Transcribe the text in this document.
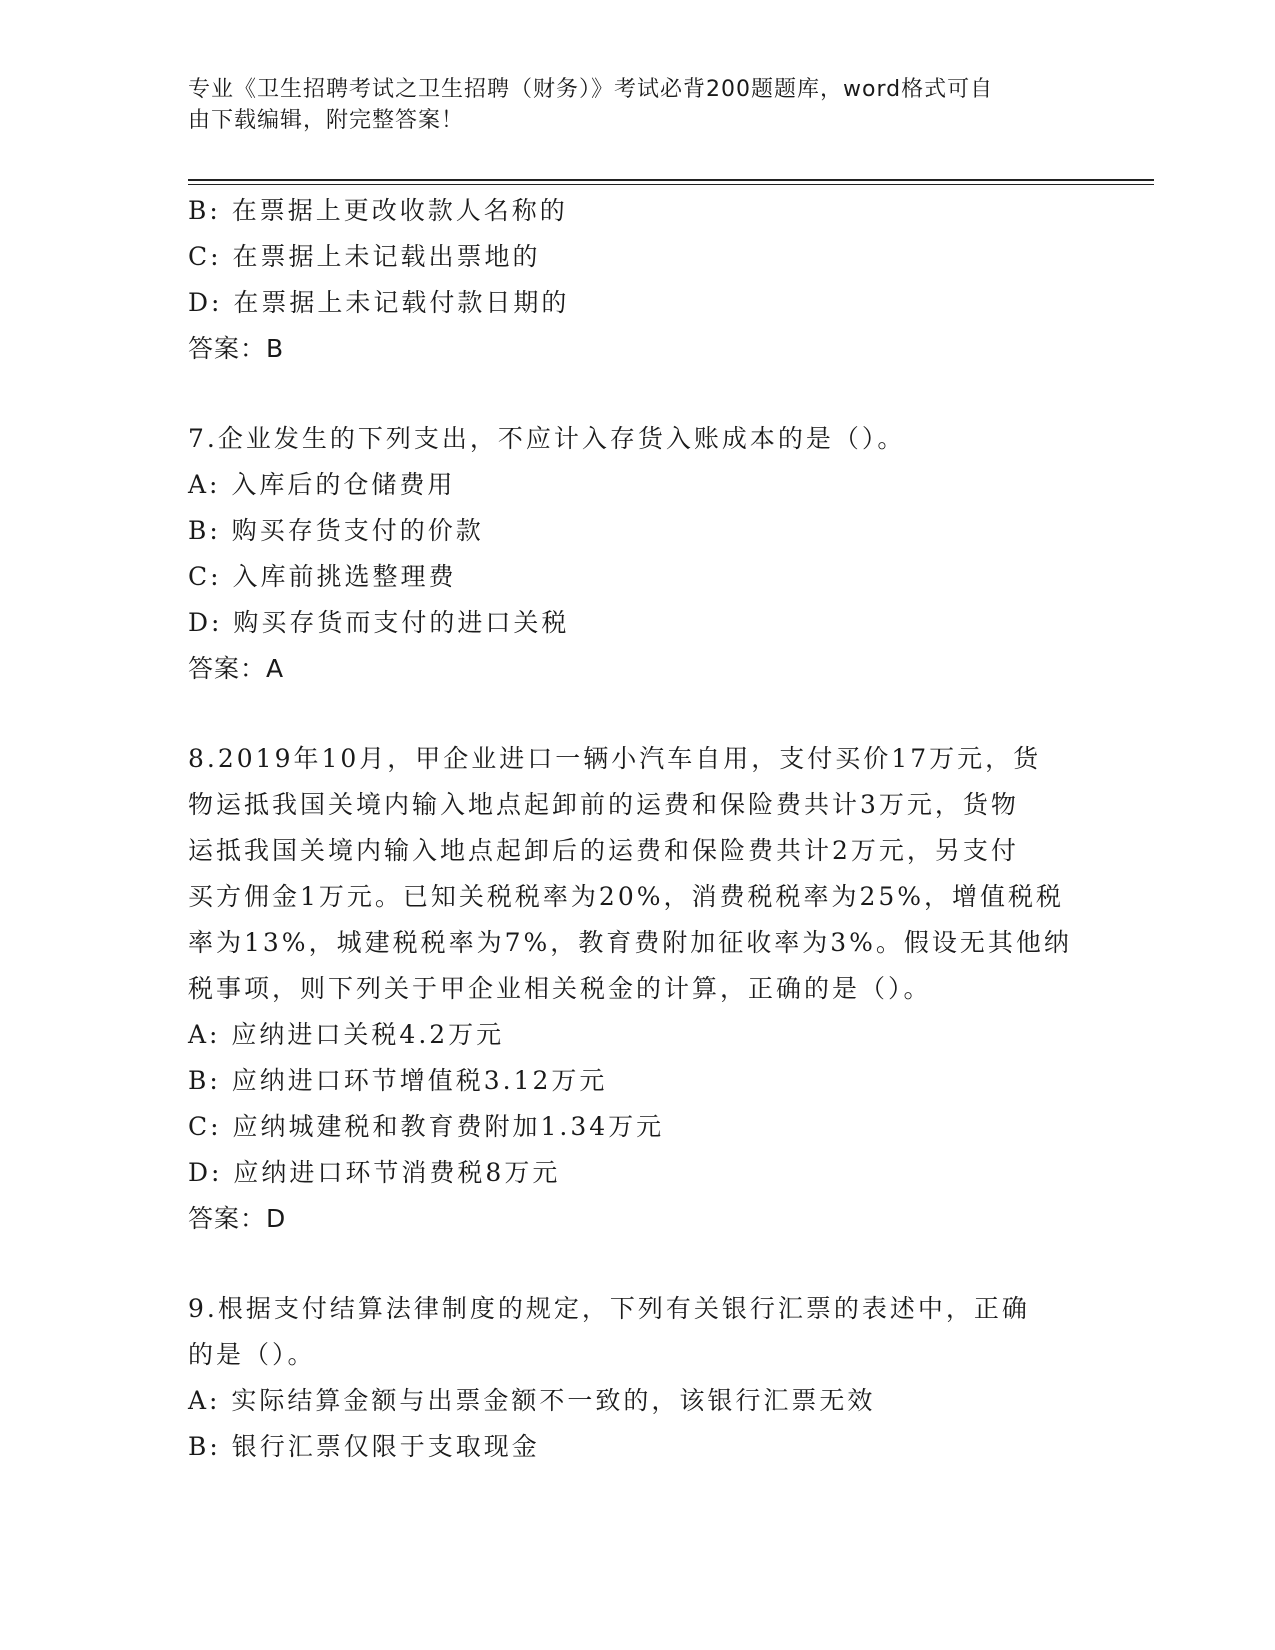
专业《卫生招聘考试之卫生招聘（财务）》考试必背200题题库，word格式可自
由下载编辑，附完整答案！
B: 在票据上更改收款人名称的
C: 在票据上未记载出票地的
D: 在票据上未记载付款日期的
答案：B
7.企业发生的下列支出，不应计入存货入账成本的是（）。
A: 入库后的仓储费用
B: 购买存货支付的价款
C: 入库前挑选整理费
D: 购买存货而支付的进口关税
答案：A
8.2019年10月，甲企业进口一辆小汽车自用，支付买价17万元，货
物运抵我国关境内输入地点起卸前的运费和保险费共计3万元，货物
运抵我国关境内输入地点起卸后的运费和保险费共计2万元，另支付
买方佣金1万元。已知关税税率为20%，消费税税率为25%，增值税税
率为13%，城建税税率为7%，教育费附加征收率为3%。假设无其他纳
税事项，则下列关于甲企业相关税金的计算，正确的是（）。
A: 应纳进口关税4.2万元
B: 应纳进口环节增值税3.12万元
C: 应纳城建税和教育费附加1.34万元
D: 应纳进口环节消费税8万元
答案：D
9.根据支付结算法律制度的规定，下列有关银行汇票的表述中，正确
的是（）。
A: 实际结算金额与出票金额不一致的，该银行汇票无效
B: 银行汇票仅限于支取现金
